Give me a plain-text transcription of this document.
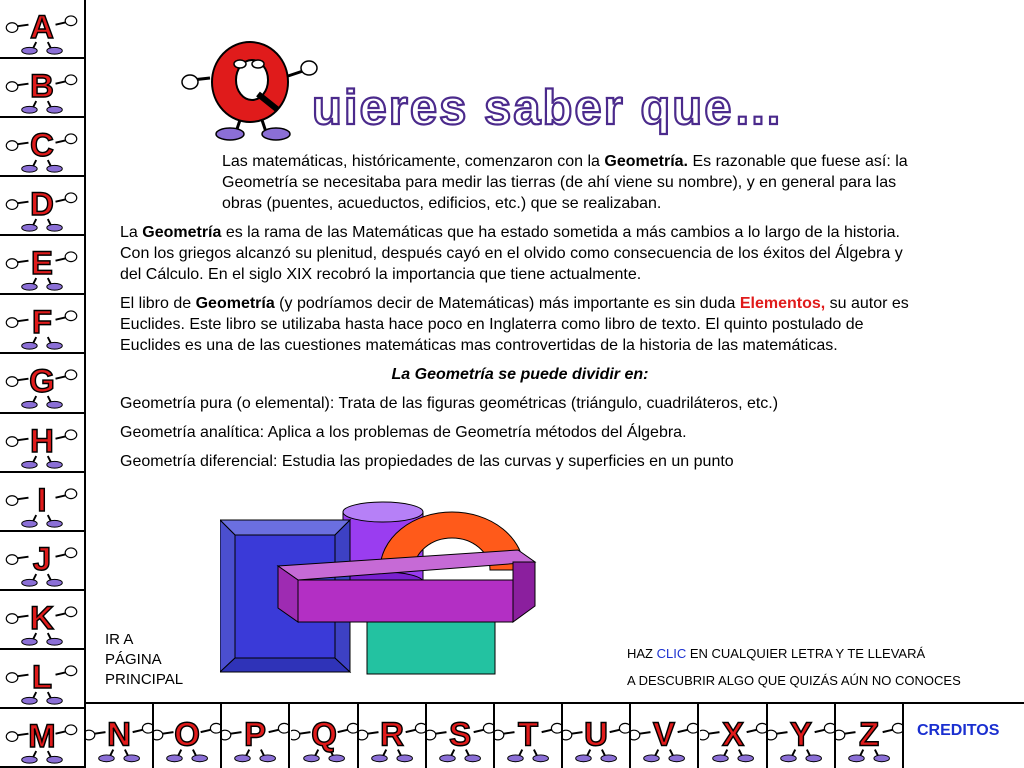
A
B
C
D
E
F
G
H
I
J
K
L
M N O P Q R S T U V X Y Z CREDITOS
uieres saber que…

Las matemáticas, históricamente, comenzaron con la Geometría. Es razonable que fuese así: la Geometría se necesitaba para medir las tierras (de ahí viene su nombre), y en general para las obras (puentes, acueductos, edificios, etc.) que se realizaban.

La Geometría es la rama de las Matemáticas que ha estado sometida a más cambios a lo largo de la historia. Con los griegos alcanzó su plenitud, después cayó en el olvido como consecuencia de los éxitos del Álgebra y del Cálculo. En el siglo XIX recobró la importancia que tiene actualmente.

El libro de Geometría (y podríamos decir de Matemáticas) más importante es sin duda Elementos, su autor es Euclides. Este libro se utilizaba hasta hace poco en Inglaterra como libro de texto. El quinto postulado de Euclides es una de las cuestiones matemáticas mas controvertidas de la historia de las matemáticas.

La Geometría se puede dividir en:

Geometría pura (o elemental): Trata de las figuras geométricas (triángulo, cuadriláteros, etc.)

Geometría analítica: Aplica a los problemas de Geometría métodos del Álgebra.

Geometría diferencial: Estudia las propiedades de las curvas y superficies en un punto

IR A
PÁGINA
PRINCIPAL
HAZ CLIC EN CUALQUIER LETRA Y TE LLEVARÁ
A DESCUBRIR ALGO QUE QUIZÁS AÚN NO CONOCES
